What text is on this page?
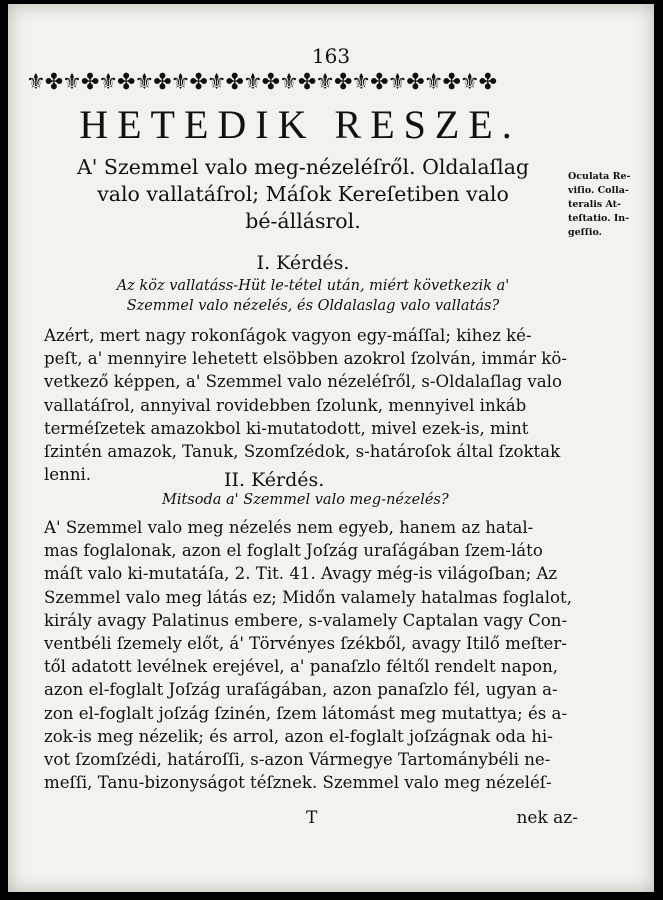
163
⚜✤⚜✤⚜✤⚜✤⚜✤⚜✤⚜✤⚜✤⚜✤⚜✤⚜✤⚜✤⚜✤
HETEDIK RESZE.
A' Szemmel valo meg-nézeléſről. Oldalaſlag
valo vallatáſrol; Máſok Kereſetiben valo
bé-állásrol.
Oculata Re-
viſio. Colla-
teralis At-
teſtatio. In-
geſſio.
I. Kérdés.
Az köz vallatáss-Hüt le-tétel után, miért következik a'
Szemmel valo nézelés, és Oldalaslag valo vallatás?
Azért, mert nagy rokonſágok vagyon egy-máſſal; kihez ké-
peſt, a' mennyire lehetett elsöbben azokrol ſzolván, immár kö-
vetkező képpen, a' Szemmel valo nézeléſről, s-Oldalaſlag valo
vallatáſrol, annyival rovidebben ſzolunk, mennyivel inkáb
terméſzetek amazokbol ki-mutatodott, mivel ezek-is, mint
ſzintén amazok, Tanuk, Szomſzédok, s-határoſok által ſzoktak
lenni.	II. Kérdés.
Mitsoda a' Szemmel valo meg-nézelés?
A' Szemmel valo meg nézelés nem egyeb, hanem az hatal-
mas foglalonak, azon el foglalt Joſzág uraſágában ſzem-láto
máſt valo ki-mutatáſa, 2. Tit. 41. Avagy még-is világoſban; Az
Szemmel valo meg látás ez; Midőn valamely hatalmas foglalot,
király avagy Palatinus embere, s-valamely Captalan vagy Con-
ventbéli ſzemely előt, á' Törvényes ſzékből, avagy Itilő meſter-
től adatott levélnek erejével, a' panaſzlo féltől rendelt napon,
azon el-foglalt Joſzág uraſágában, azon panaſzlo fél, ugyan a-
zon el-foglalt joſzág ſzinén, ſzem látomást meg mutattya; és a-
zok-is meg nézelik; és arrol, azon el-foglalt joſzágnak oda hi-
vot ſzomſzédi, határoſſi, s-azon Vármegye Tartománybéli ne-
meſſi, Tanu-bizonyságot téſznek. Szemmel valo meg nézeléſ-
T	nek az-
